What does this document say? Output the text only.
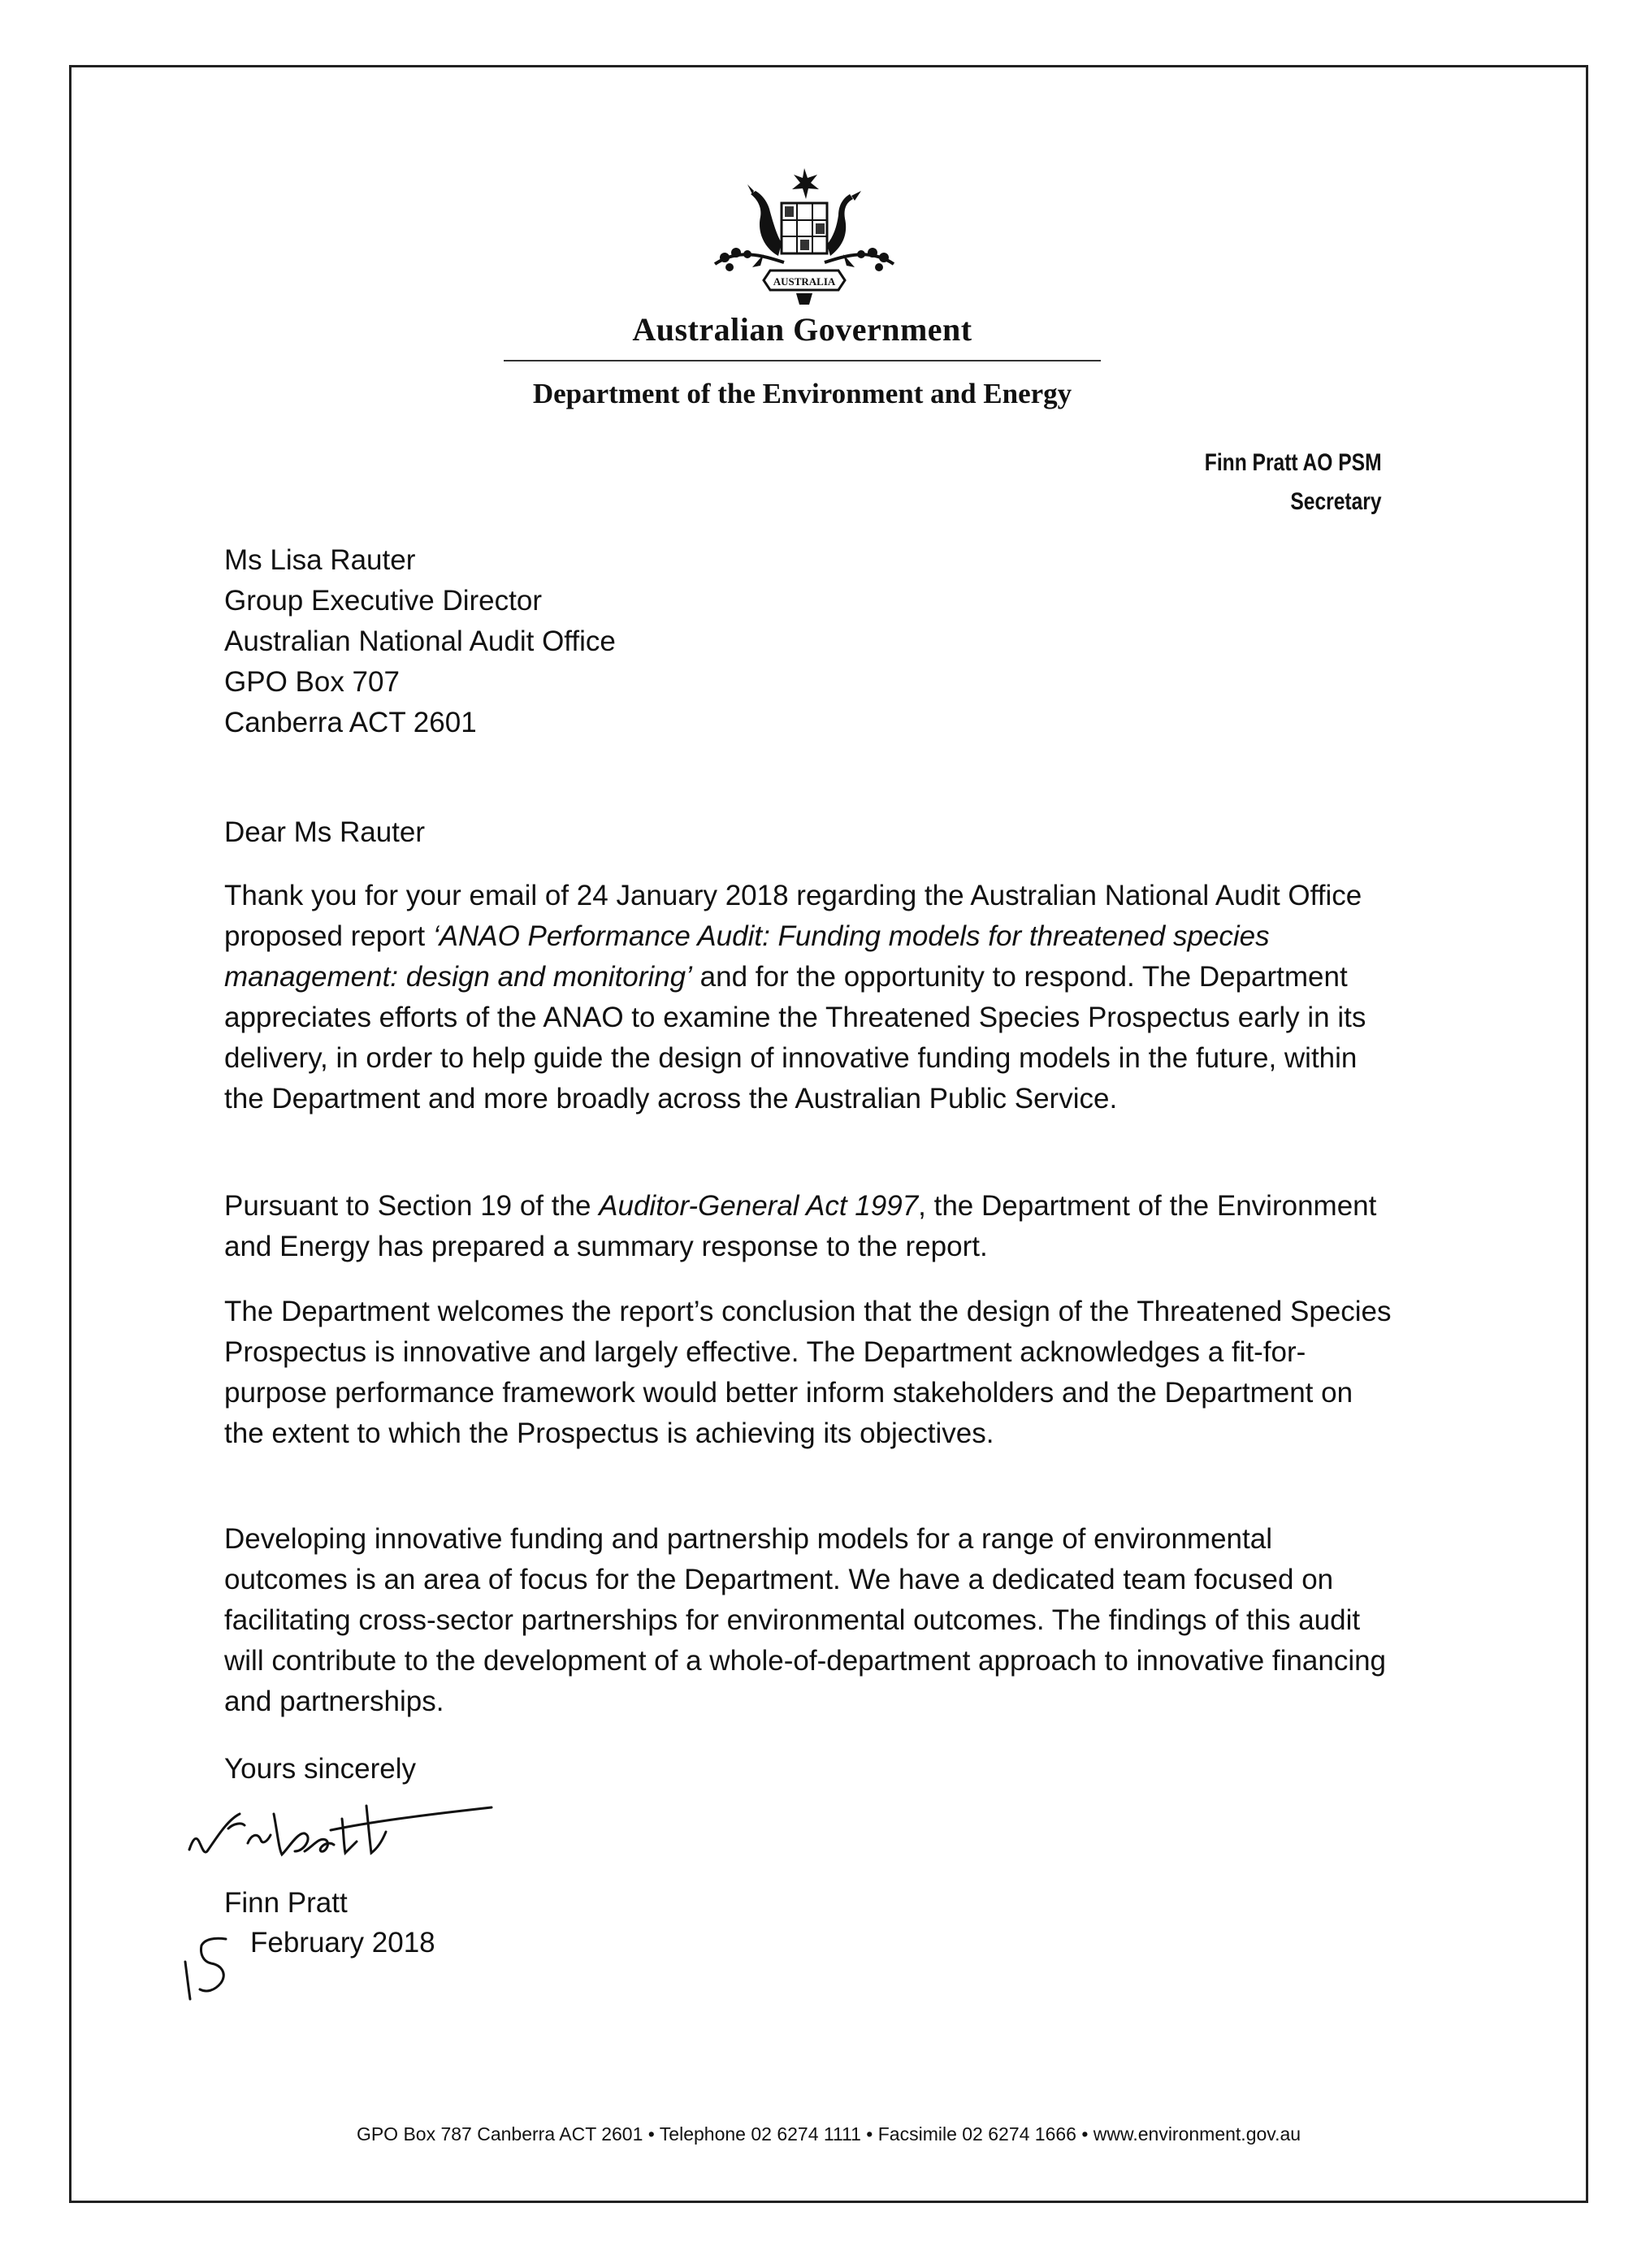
AUSTRALIA
Australian Government
Department of the Environment and Energy
Finn Pratt AO PSM
Secretary
Ms Lisa Rauter
Group Executive Director
Australian National Audit Office
GPO Box 707
Canberra ACT 2601

Dear Ms Rauter

Thank you for your email of 24 January 2018 regarding the Australian National Audit Office proposed report ‘ANAO Performance Audit: Funding models for threatened species management: design and monitoring’ and for the opportunity to respond. The Department appreciates efforts of the ANAO to examine the Threatened Species Prospectus early in its delivery, in order to help guide the design of innovative funding models in the future, within the Department and more broadly across the Australian Public Service.

Pursuant to Section 19 of the Auditor-General Act 1997, the Department of the Environment and Energy has prepared a summary response to the report.

The Department welcomes the report’s conclusion that the design of the Threatened Species Prospectus is innovative and largely effective. The Department acknowledges a fit-for-purpose performance framework would better inform stakeholders and the Department on the extent to which the Prospectus is achieving its objectives.

Developing innovative funding and partnership models for a range of environmental outcomes is an area of focus for the Department. We have a dedicated team focused on facilitating cross-sector partnerships for environmental outcomes. The findings of this audit will contribute to the development of a whole-of-department approach to innovative financing and partnerships.

Yours sincerely

Finn Pratt

February 2018
GPO Box 787 Canberra ACT 2601 • Telephone 02 6274 1111 • Facsimile 02 6274 1666 • www.environment.gov.au
